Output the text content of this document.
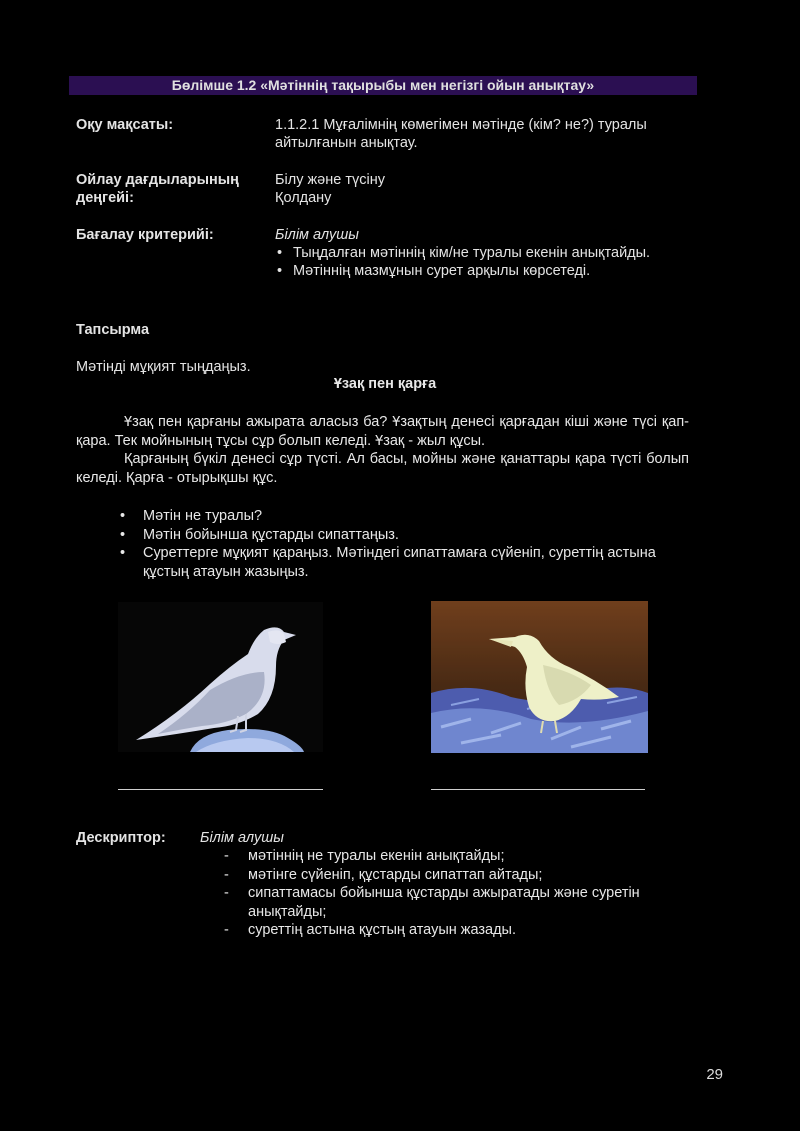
Бөлімше 1.2 «Мәтіннің тақырыбы мен негізгі ойын анықтау»
Оқу мақсаты:	1.1.2.1 Мұғалімнің көмегімен мәтінде (кім? не?) туралы айтылғанын анықтау.
Ойлау дағдыларының деңгейі:
Білу және түсіну
Қолдану
Бағалау критерийі:	Білім алушы
• Тыңдалған мәтіннің кім/не туралы екенін анықтайды.
• Мәтіннің мазмұнын сурет арқылы көрсетеді.
Тапсырма
Мәтінді мұқият тыңдаңыз.
Ұзақ пен қарға
Ұзақ пен қарғаны ажырата аласыз ба? Ұзақтың денесі қарғадан кіші және түсі қап-қара. Тек мойнының тұсы сұр болып келеді. Ұзақ - жыл құсы.
Қарғаның бүкіл денесі сұр түсті. Ал басы, мойны және қанаттары қара түсті болып келеді. Қарға - отырықшы құс.
• Мәтін не туралы?
• Мәтін бойынша құстарды сипаттаңыз.
• Суреттерге мұқият қараңыз. Мәтіндегі сипаттамаға сүйеніп, суреттің астына құстың атауын жазыңыз.
Дескриптор: Білім алушы
- мәтіннің не туралы екенін анықтайды;
- мәтінге сүйеніп, құстарды сипаттап айтады;
- сипаттамасы бойынша құстарды ажыратады және суретін анықтайды;
- суреттің астына құстың атауын жазады.
29
